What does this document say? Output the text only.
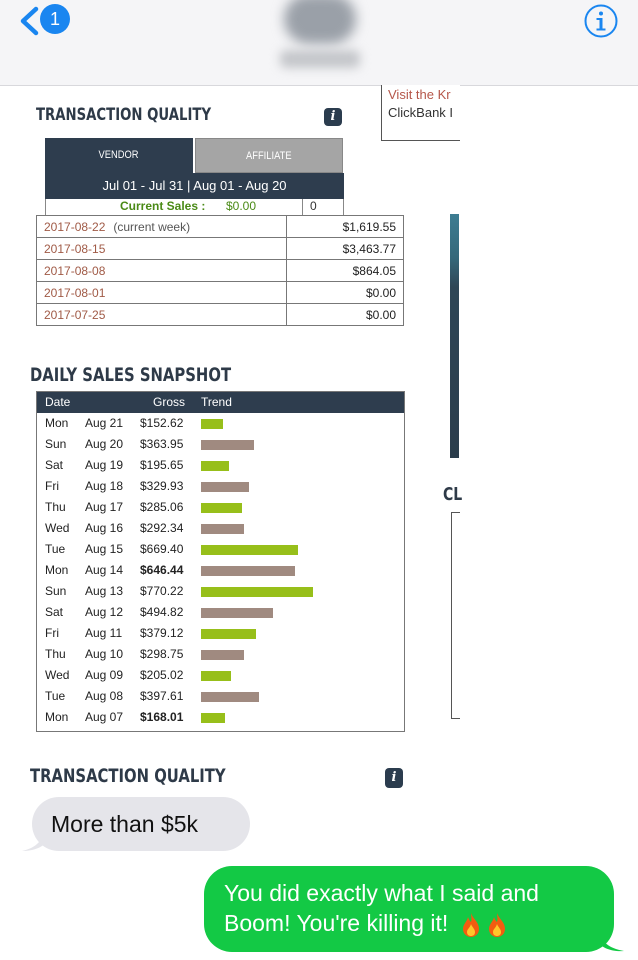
1
TRANSACTION QUALITY	i
Visit the Kr
ClickBank I
VENDOR	AFFILIATE
Jul 01 - Jul 31 | Aug 01 - Aug 20
Current Sales : $0.00	0
2017-08-22 (current week)	$1,619.55
2017-08-15	$3,463.77
2017-08-08	$864.05
2017-08-01	$0.00
2017-07-25	$0.00
DAILY SALES SNAPSHOT
Date	Gross Trend
Mon Aug 21 $152.62
Sun Aug 20 $363.95
Sat Aug 19 $195.65
Fri Aug 18 $329.93
Thu Aug 17 $285.06
Wed Aug 16 $292.34
Tue Aug 15 $669.40
Mon Aug 14 $646.44
Sun Aug 13 $770.22
Sat Aug 12 $494.82
Fri Aug 11 $379.12
Thu Aug 10 $298.75
Wed Aug 09 $205.02
Tue Aug 08 $397.61
Mon Aug 07 $168.01
CL
TRANSACTION QUALITY	i
More than $5k
You did exactly what I said and Boom! You're killing it!
